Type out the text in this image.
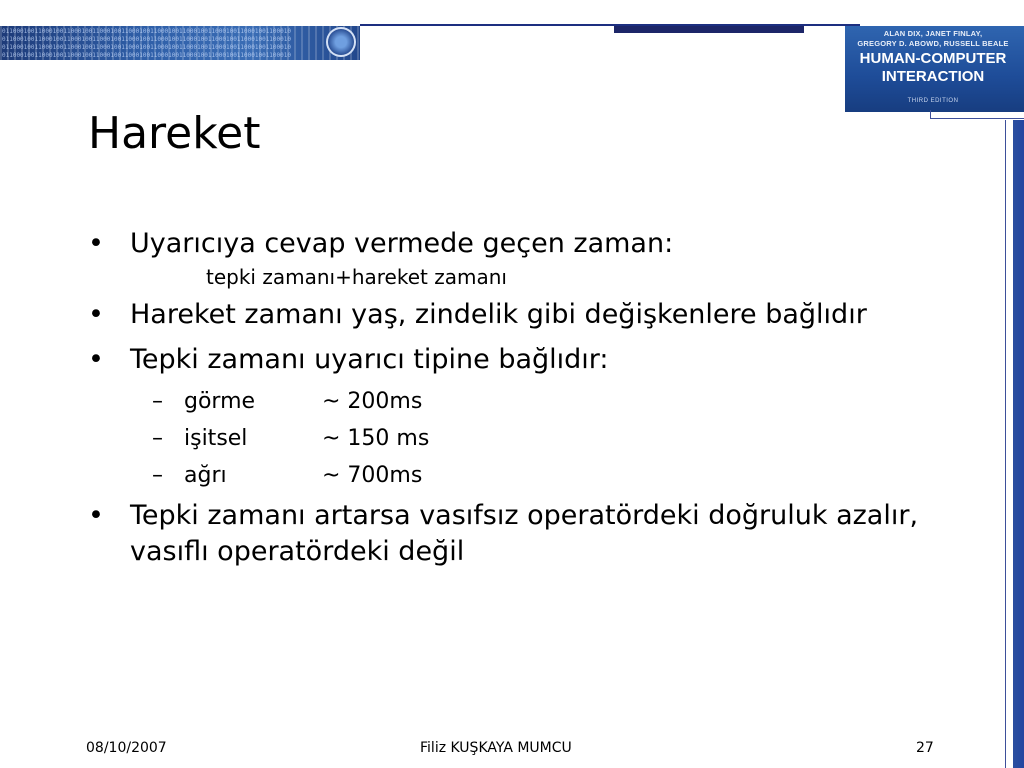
01100010011000100110001001100010011000100110001001100010011000100110001001100010
01100010011000100110001001100010011000100110001001100010011000100110001001100010
01100010011000100110001001100010011000100110001001100010011000100110001001100010
01100010011000100110001001100010011000100110001001100010011000100110001001100010
ALAN DIX, JANET FINLAY,
GREGORY D. ABOWD, RUSSELL BEALE
HUMAN-COMPUTER
INTERACTION
THIRD EDITION
Hareket
• Uyarıcıya cevap vermede geçen zaman:
tepki zamanı+hareket zamanı
• Hareket zamanı yaş, zindelik gibi değişkenlere bağlıdır
• Tepki zamanı uyarıcı tipine bağlıdır:
– görme	~ 200ms
– işitsel	~ 150 ms
– ağrı	~ 700ms
• Tepki zamanı artarsa vasıfsız operatördeki doğruluk azalır, vasıflı operatördeki değil
08/10/2007	Filiz KUŞKAYA MUMCU	27
